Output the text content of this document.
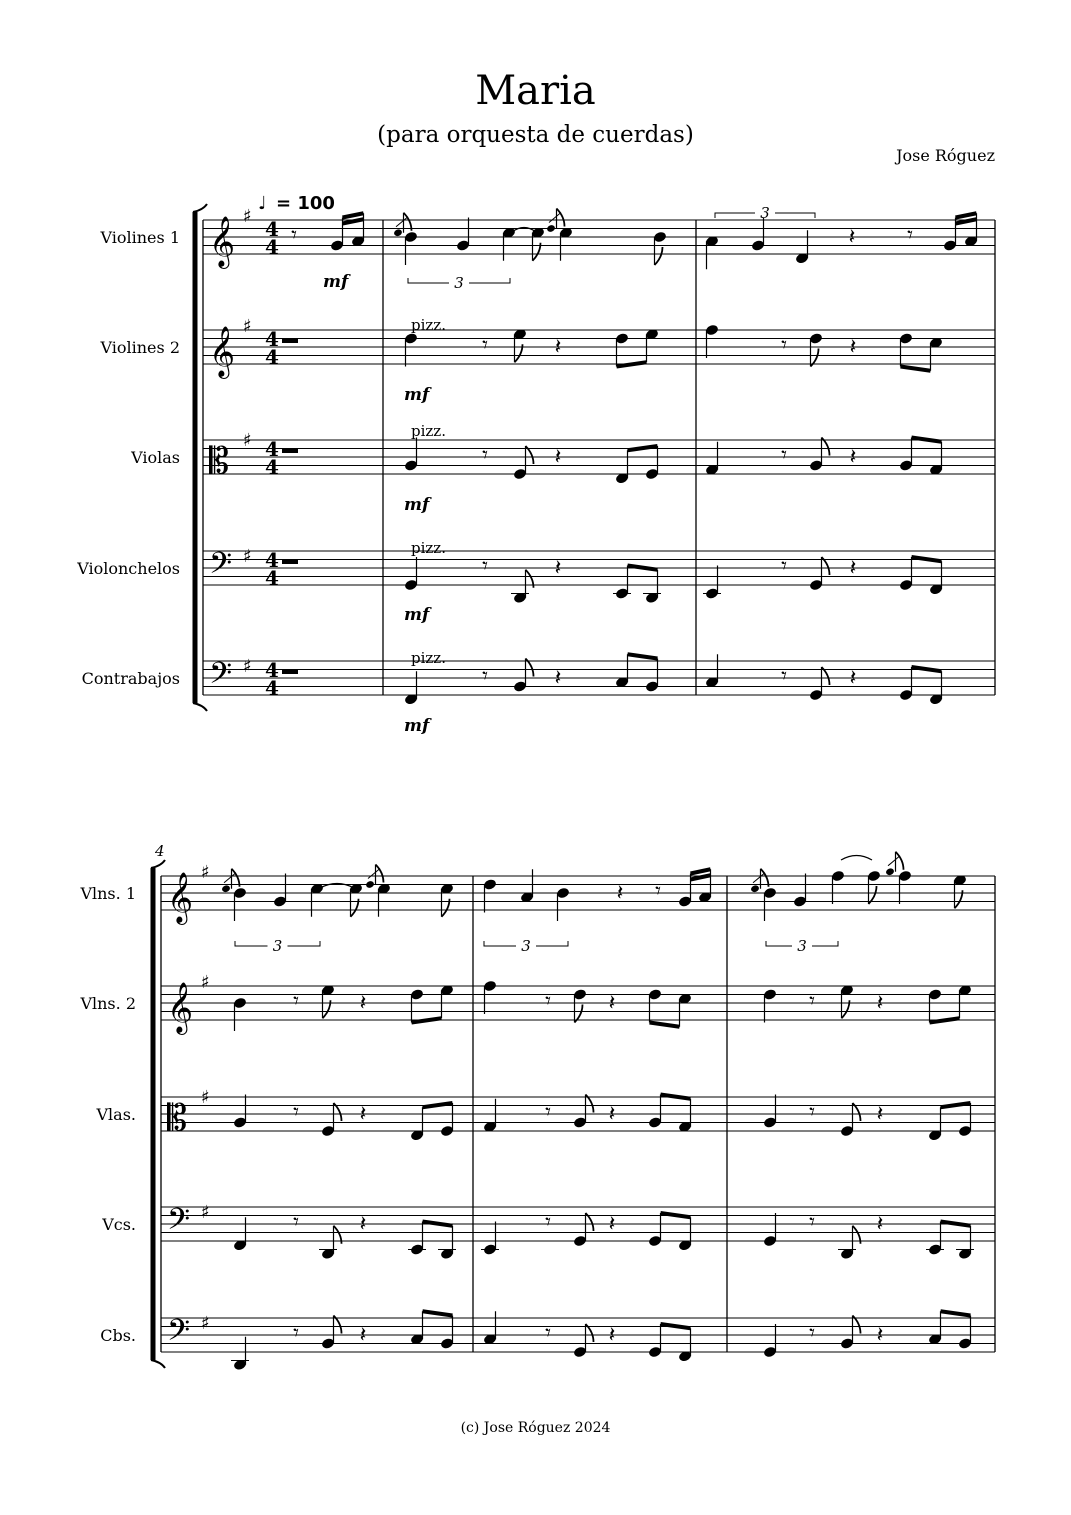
Maria
(para orquesta de cuerdas)
Jose Róguez
(c) Jose Róguez 2024
♩ = 100
Violines 1
Violines 2
Violas
Violonchelos
Contrabajos
Vlns. 1
Vlns. 2
Vlas.
Vcs.
Cbs.
𝄞 ♯
4
4
𝄞 ♯
4
4
𝄡
♯ 4
4
𝄢 ♯ 4
4
𝄢 ♯ 4
4
𝄞 ♯
𝄞 ♯
𝄡
♯
𝄢 ♯
𝄢 ♯
4
𝄾
mf	3
3
𝄽 𝄾
pizz.
mf
𝄾	𝄽	𝄾	𝄽
pizz.
mf
𝄾	𝄽	𝄾	𝄽
pizz.
mf
𝄾	𝄽	𝄾	𝄽
pizz.
mf
𝄾	𝄽	𝄾	𝄽
3	3
𝄽 𝄾
3
𝄾	𝄽	𝄾	𝄽	𝄾	𝄽
𝄾	𝄽	𝄾	𝄽	𝄾	𝄽
𝄾	𝄽	𝄾	𝄽	𝄾	𝄽
𝄾	𝄽	𝄾	𝄽	𝄾	𝄽
